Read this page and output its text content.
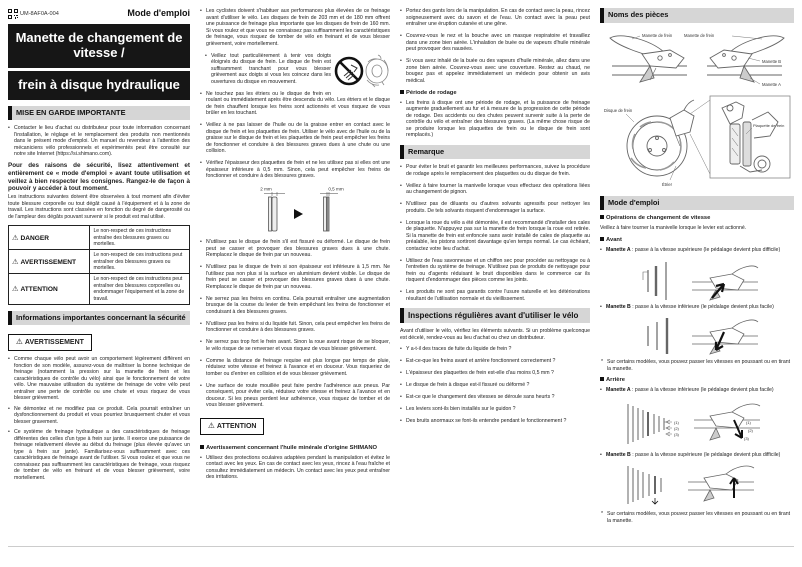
UM-8AF0A-004	Mode d'emploi
Manette de changement de vitesse /
frein à disque hydraulique
MISE EN GARDE IMPORTANTE
• Contacter le lieu d'achat ou distributeur pour toute information concernant l'installation, le réglage et le remplacement des produits non mentionnés dans le présent mode d'emploi. Un manuel du revendeur à l'attention des mécaniciens vélo professionnels et expérimentés peut être consulté sur notre site Internet (https://si.shimano.com).

Pour des raisons de sécurité, lisez attentivement et entièrement ce « mode d'emploi » avant toute utilisation et veillez à bien respecter les consignes. Rangez-le de façon à pouvoir y accéder à tout moment.

Les instructions suivantes doivent être observées à tout moment afin d'éviter toute blessure corporelle ou tout dégât causé à l'équipement et à la zone de travail. Les instructions sont classées en fonction du degré de dangerosité ou de l'ampleur des dégâts pouvant survenir si le produit est mal utilisé.

⚠ DANGER	Le non-respect de ces instructions entraîne des blessures graves ou mortelles.
⚠ AVERTISSEMENT	Le non-respect de ces instructions peut entraîner des blessures graves ou mortelles.
⚠ ATTENTION	Le non-respect de ces instructions peut entraîner des blessures corporelles ou endommager l'équipement et la zone de travail.
Informations importantes concernant la sécurité
⚠ AVERTISSEMENT
• Comme chaque vélo peut avoir un comportement légèrement différent en fonction de son modèle, assurez-vous de maîtriser la bonne technique de freinage (notamment la pression sur la manette de frein et les caractéristiques de contrôle du vélo) ainsi que le fonctionnement de votre vélo. Une mauvaise utilisation du système de freinage de votre vélo peut entraîner une perte de contrôle ou une chute et vous risquez de vous blesser grièvement.
• Ne démontez et ne modifiez pas ce produit. Cela pourrait entraîner un dysfonctionnement du produit et vous pourriez brusquement chuter et vous blesser gravement.
• Ce système de freinage hydraulique a des caractéristiques de freinage différentes des celles d'un type à frein sur jante. Il exerce une puissance de freinage relativement élevée au début du freinage (plus élevée qu'avec un type à frein sur jante). Familiarisez-vous suffisamment avec ces caractéristiques de freinage avant de l'utiliser. Si vous roulez et que vous ne connaissez pas suffisamment les caractéristiques de freinage, vous risquez de tomber de vélo en freinant et de vous blesser grièvement, voire mortellement.
• Les cyclistes doivent s'habituer aux performances plus élevées de ce freinage avant d'utiliser le vélo. Les disques de frein de 203 mm et de 180 mm offrent une puissance de freinage plus importante que les disques de frein de 160 mm. Si vous roulez et que vous ne connaissez pas suffisamment les caractéristiques de freinage, vous risquez de tomber de vélo en freinant et de vous blesser grièvement, voire mortellement.
• Veillez tout particulièrement à tenir vos doigts éloignés du disque de frein. Le disque de frein est suffisamment tranchant pour vous blesser grièvement aux doigts si vous les coincez dans les ouvertures du disque en mouvement.
• Ne touchez pas les étriers ou le disque de frein en roulant ou immédiatement après être descendu du vélo. Les étriers et le disque de frein chauffent lorsque les freins sont actionnés et vous risquez de vous brûler en les touchant.
• Veillez à ne pas laisser de l'huile ou de la graisse entrer en contact avec le disque de frein et les plaquettes de frein. Utiliser le vélo avec de l'huile ou de la graisse sur le disque de frein et les plaquettes de frein peut empêcher les freins de fonctionner et conduire à des blessures graves dues à une chute ou une collision.
• Vérifiez l'épaisseur des plaquettes de frein et ne les utilisez pas si elles ont une épaisseur inférieure à 0,5 mm. Sinon, cela peut empêcher les freins de fonctionner et conduire à des blessures graves.
2 mm	0,5 mm
• N'utilisez pas le disque de frein s'il est fissuré ou déformé. Le disque de frein peut se casser et provoquer des blessures graves dues à une chute. Remplacez le disque de frein par un nouveau.
• N'utilisez pas le disque de frein si son épaisseur est inférieure à 1,5 mm. Ne l'utilisez pas non plus si la surface en aluminium devient visible. Le disque de frein peut se casser et provoquer des blessures graves dues à une chute. Remplacez le disque de frein par un nouveau.
• Ne serrez pas les freins en continu. Cela pourrait entraîner une augmentation brusque de la course du levier de frein empêchant les freins de fonctionner et conduisant à des blessures graves.
• N'utilisez pas les freins si du liquide fuit. Sinon, cela peut empêcher les freins de fonctionner et conduire à des blessures graves.
• Ne serrez pas trop fort le frein avant. Sinon la roue avant risque de se bloquer, le vélo risque de se renverser et vous risquez de vous blesser grièvement.
• Comme la distance de freinage requise est plus longue par temps de pluie, réduisez votre vitesse et freinez à l'avance et en douceur. Vous risqueriez de tomber ou d'entrer en collision et de vous blesser grièvement.
• Une surface de route mouillée peut faire perdre l'adhérence aux pneus. Par conséquent, pour éviter cela, réduisez votre vitesse et freinez à l'avance et en douceur. Si les pneus perdent leur adhérence, vous risquez de tomber et de vous blesser grièvement.
⚠ ATTENTION
Avertissement concernant l'huile minérale d'origine SHIMANO
• Utilisez des protections oculaires adaptées pendant la manipulation et évitez le contact avec les yeux. En cas de contact avec les yeux, rincez à l'eau fraîche et consultez immédiatement un médecin. Un contact avec les yeux peut entraîner des irritations.
• Portez des gants lors de la manipulation. En cas de contact avec la peau, rincez soigneusement avec du savon et de l'eau. Un contact avec la peau peut entraîner une éruption cutanée et une gêne.
• Couvrez-vous le nez et la bouche avec un masque respiratoire et travaillez dans une zone bien aérée. L'inhalation de buée ou de vapeurs d'huile minérale peut provoquer des nausées.
• Si vous avez inhalé de la buée ou des vapeurs d'huile minérale, allez dans une zone bien aérée. Couvrez-vous avec une couverture. Restez au chaud, ne bougez pas et appelez immédiatement un médecin pour obtenir un avis médical.
Période de rodage
• Les freins à disque ont une période de rodage, et la puissance de freinage augmente graduellement au fur et à mesure de la progression de cette période de rodage. Des accidents ou des chutes peuvent survenir suite à la perte de contrôle du vélo et entraîner des blessures graves. (La même chose risque de se produire lorsque les plaquettes de frein ou le disque de frein sont remplacés.)
Remarque
• Pour éviter le bruit et garantir les meilleures performances, suivez la procédure de rodage après le remplacement des plaquettes ou du disque de frein.
• Veillez à faire tourner la manivelle lorsque vous effectuez des opérations liées au changement de pignon.
• N'utilisez pas de diluants ou d'autres solvants agressifs pour nettoyer les produits. De tels solvants risquent d'endommager la surface.
• Lorsque la roue du vélo a été démontée, il est recommandé d'installer des cales de plaquette. N'appuyez pas sur la manette de frein lorsque la roue est retirée. Si la manette de frein est enfoncée sans avoir installé de cales de plaquette au préalable, les pistons sortiront davantage qu'en temps normal. Le cas échéant, contactez votre lieu d'achat.
• Utilisez de l'eau savonneuse et un chiffon sec pour procéder au nettoyage ou à l'entretien du système de freinage. N'utilisez pas de produits de nettoyage pour frein ou d'agents réduisant le bruit disponibles dans le commerce car ils risquent d'endommager des pièces comme les joints.
• Les produits ne sont pas garantis contre l'usure naturelle et les détériorations résultant de l'utilisation normale et du vieillissement.
Inspections régulières avant d'utiliser le vélo

Avant d'utiliser le vélo, vérifiez les éléments suivants. Si un problème quelconque est décelé, rendez-vous au lieu d'achat ou chez un distributeur.

• Y a-t-il des traces de fuite du liquide de frein ?
• Est-ce-que les freins avant et arrière fonctionnent correctement ?
• L'épaisseur des plaquettes de frein est-elle d'au moins 0,5 mm ?
• Le disque de frein à disque est-il fissuré ou déformé ?
• Est-ce que le changement des vitesses se déroule sans heurts ?
• Les leviers sont-ils bien installés sur le guidon ?
• Des bruits anormaux se font-ils entendre pendant le fonctionnement ?
Noms des pièces
Manette de frein	Manette de frein
Manette B
Manette A
Disque de frein
Plaquette de frein
Étrier
Mode d'emploi
Opérations de changement de vitesse

Veillez à faire tourner la manivelle lorsque le levier est actionné.

Avant
• Manette A : passe à la vitesse supérieure (le pédalage devient plus difficile)
• Manette B : passe à la vitesse inférieure (le pédalage devient plus facile)
* Sur certains modèles, vous pouvez passer les vitesses en poussant ou en tirant la manette.
Arrière
• Manette A : passe à la vitesse inférieure (le pédalage devient plus facile)
(1)
(2)
(3)
(1)
(2)
(3)
• Manette B : passe à la vitesse supérieure (le pédalage devient plus difficile)
* Sur certains modèles, vous pouvez passer les vitesses en poussant ou en tirant la manette.
